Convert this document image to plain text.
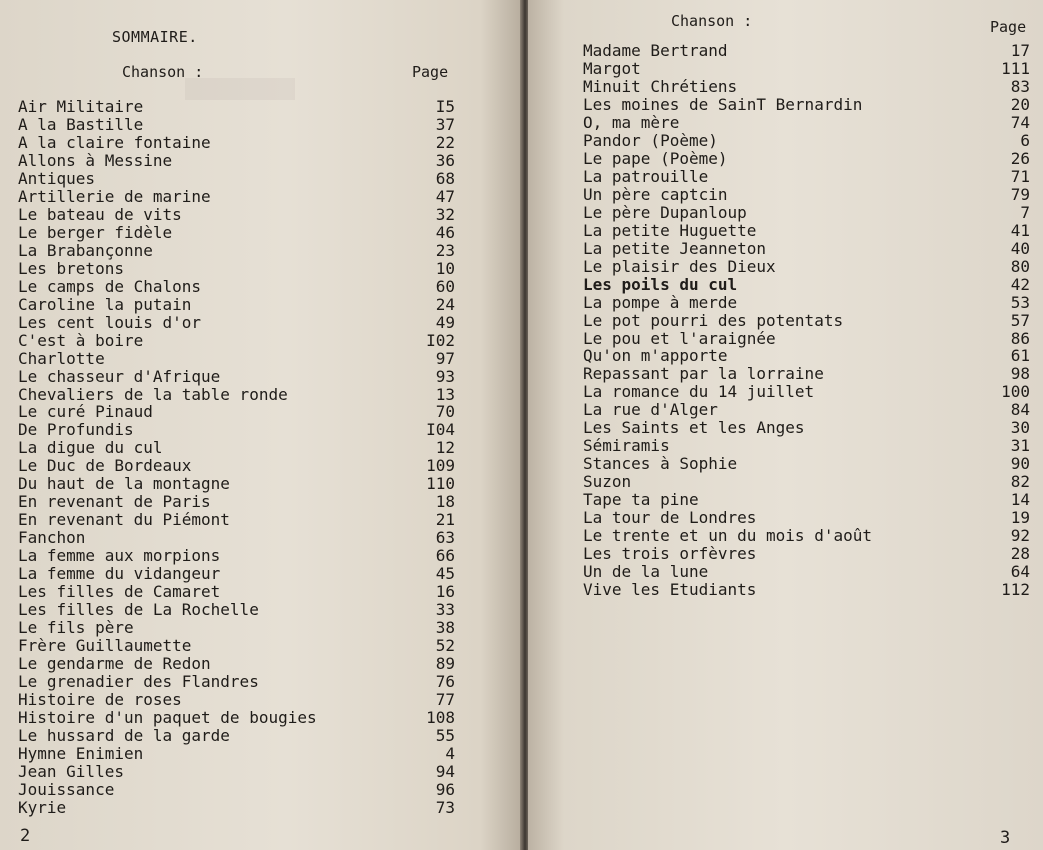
SOMMAIRE.
Chanson :	Page
Air Militaire	I5
A la Bastille	37
A la claire fontaine	22
Allons à Messine	36
Antiques	68
Artillerie de marine	47
Le bateau de vits	32
Le berger fidèle	46
La Brabançonne	23
Les bretons	10
Le camps de Chalons	60
Caroline la putain	24
Les cent louis d'or	49
C'est à boire	I02
Charlotte	97
Le chasseur d'Afrique	93
Chevaliers de la table ronde	13
Le curé Pinaud	70
De Profundis	I04
La digue du cul	12
Le Duc de Bordeaux	109
Du haut de la montagne	110
En revenant de Paris	18
En revenant du Piémont	21
Fanchon	63
La femme aux morpions	66
La femme du vidangeur	45
Les filles de Camaret	16
Les filles de La Rochelle	33
Le fils père	38
Frère Guillaumette	52
Le gendarme de Redon	89
Le grenadier des Flandres	76
Histoire de roses	77
Histoire d'un paquet de bougies	108
Le hussard de la garde	55
Hymne Enimien	4
Jean Gilles	94
Jouissance	96
Kyrie	73
2
Chanson :	Page
Madame Bertrand	17
Margot	111
Minuit Chrétiens	83
Les moines de SainT Bernardin	20
O, ma mère	74
Pandor (Poème)	6
Le pape (Poème)	26
La patrouille	71
Un père captcin	79
Le père Dupanloup	7
La petite Huguette	41
La petite Jeanneton	40
Le plaisir des Dieux	80
Les poils du cul	42
La pompe à merde	53
Le pot pourri des potentats	57
Le pou et l'araignée	86
Qu'on m'apporte	61
Repassant par la lorraine	98
La romance du 14 juillet	100
La rue d'Alger	84
Les Saints et les Anges	30
Sémiramis	31
Stances à Sophie	90
Suzon	82
Tape ta pine	14
La tour de Londres	19
Le trente et un du mois d'août	92
Les trois orfèvres	28
Un de la lune	64
Vive les Etudiants	112
3
